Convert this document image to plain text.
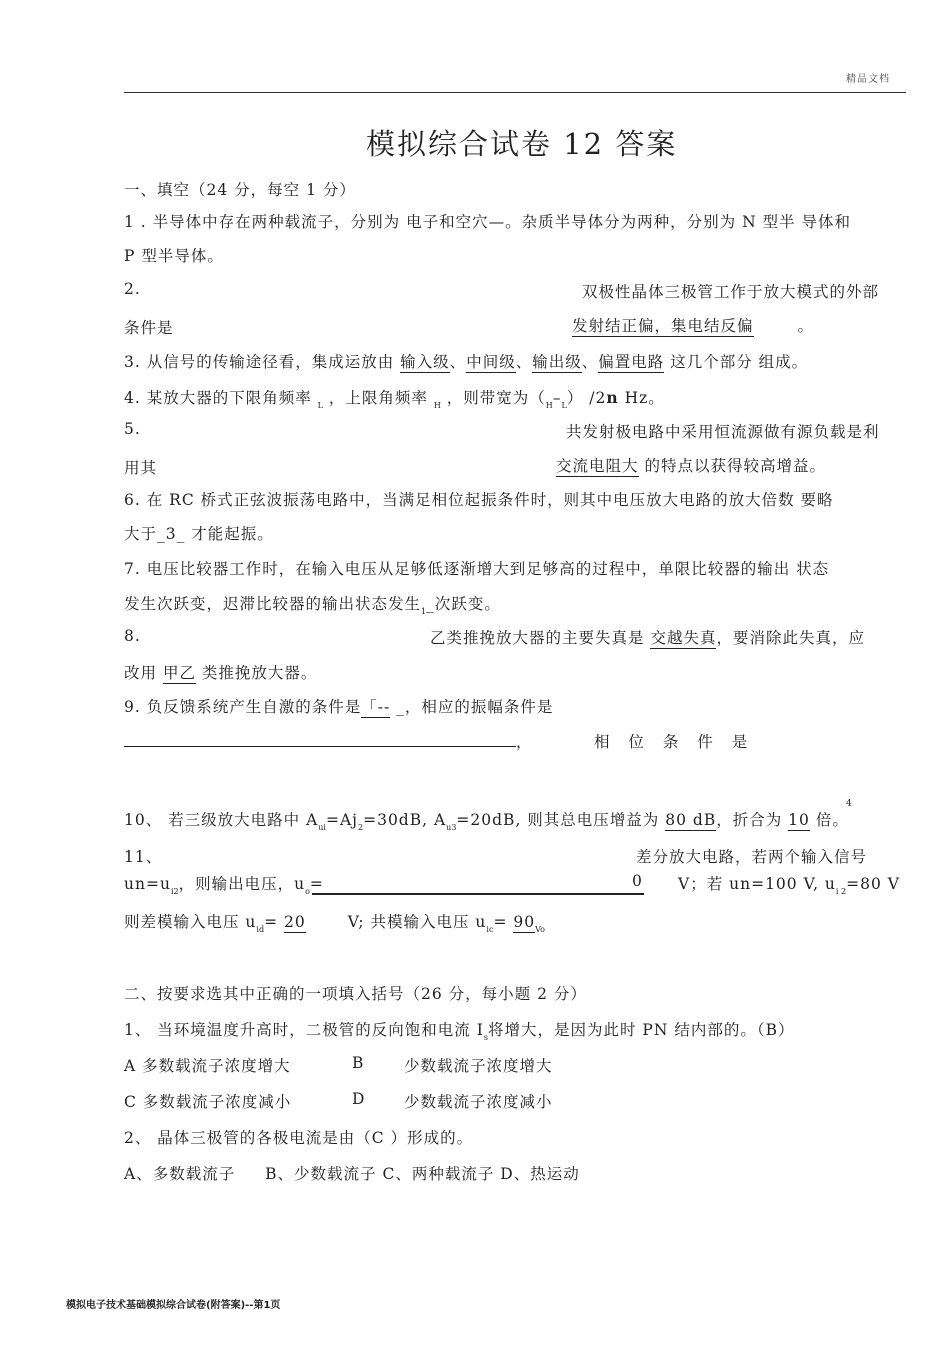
精品文档
模拟综合试卷 12 答案
一、填空（24 分，每空 1 分）
1 . 半导体中存在两种载流子，分别为 电子和空穴—。杂质半导体分为两种，分别为 N 型半 导体和
P 型半导体。
2.	双极性晶体三极管工作于放大模式的外部
条件是	发射结正偏，集电结反偏	。
3. 从信号的传输途径看，集成运放由 输入级、中间级、输出级、偏置电路 这几个部分 组成。
4. 某放大器的下限角频率 $_L$ ，上限角频率 $_H$ ，则带宽为$(_H-_L)$ /2n Hz。
5.	共发射极电路中采用恒流源做有源负载是利
用其	交流电阻大 的特点以获得较高增益。
6. 在 RC 桥式正弦波振荡电路中，当满足相位起振条件时，则其中电压放大电路的放大倍数 要略
大于_3_ 才能起振。
7. 电压比较器工作时，在输入电压从足够低逐渐增大到足够高的过程中，单限比较器的输出 状态
发生次跃变，迟滞比较器的输出状态发生$_1$_次跃变。
8.	乙类推挽放大器的主要失真是 交越失真，要消除此失真，应
改用 甲乙 类推挽放大器。
9. 负反馈系统产生自激的条件是「-- _，相应的振幅条件是
，	相 位 条 件 是
10、 若三级放大电路中 $A_{ui}=Aj_2=30dB$, $A_{u3}=20dB$, 则其总电压增益为 80 dB，折合为 10 倍。
4
11、	差分放大电路，若两个输入信号
$un=u_{i2}$，则输出电压，$u_o=$	0 V；若 un=100 V, $u_{i 2}=80$ V
则差模输入电压 $u_{id}= 20$	V; 共模输入电压 $u_{ic}= 90_{Vo}$
二、按要求选其中正确的一项填入括号（26 分，每小题 2 分）
1、 当环境温度升高时，二极管的反向饱和电流 $I_s$将增大，是因为此时 PN 结内部的。（B）
A 多数载流子浓度增大	B	少数载流子浓度增大
C 多数载流子浓度减小	D 少数载流子浓度减小
2、 晶体三极管的各极电流是由（C ）形成的。
A、多数载流子 B、少数载流子 C、两种载流子 D、热运动
模拟电子技术基础模拟综合试卷(附答案)--第1页
